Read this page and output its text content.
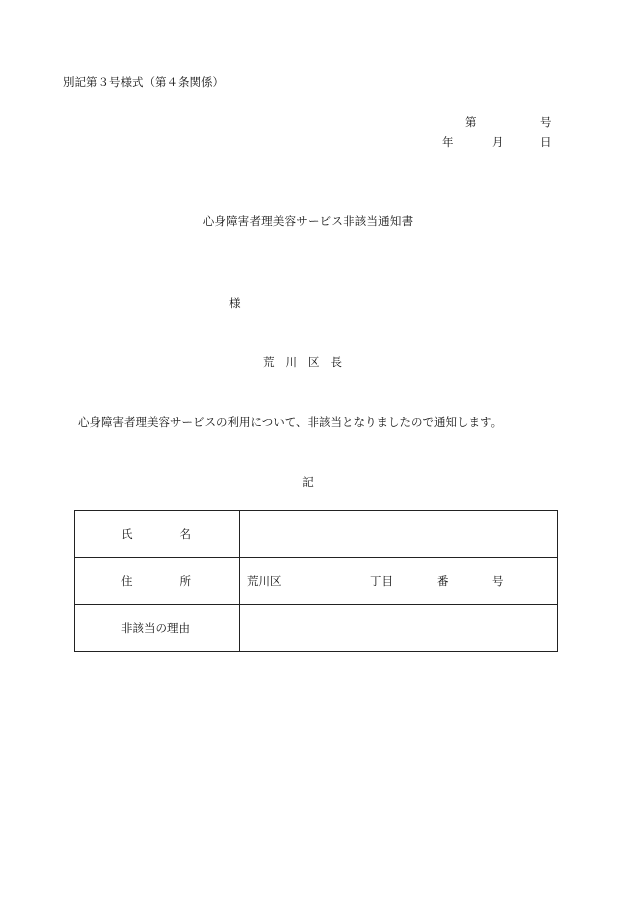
別記第３号様式（第４条関係）
第	号
年	月	日
心身障害者理美容サービス非該当通知書
様
荒川区長
心身障害者理美容サービスの利用について、非該当となりましたので通知します。
記
氏 名	

住 所	荒川区 丁目 番 号

非該当の理由	
